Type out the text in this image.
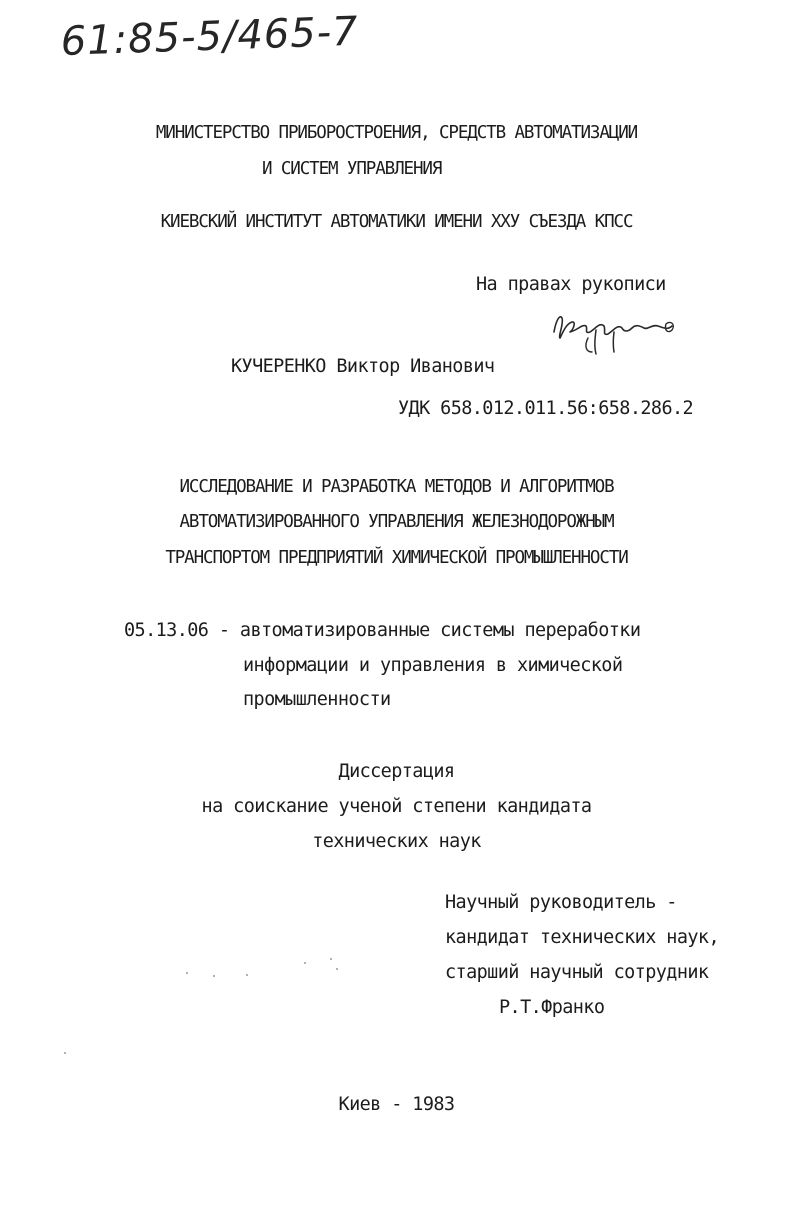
61:85-5/465-7
МИНИСТЕРСТВО ПРИБОРОСТРОЕНИЯ, СРЕДСТВ АВТОМАТИЗАЦИИ
И СИСТЕМ УПРАВЛЕНИЯ
КИЕВСКИЙ ИНСТИТУТ АВТОМАТИКИ ИМЕНИ XXУ СЪЕЗДА КПСС
На правах рукописи
КУЧЕРЕНКО Виктор Иванович
УДК 658.012.011.56:658.286.2
ИССЛЕДОВАНИЕ И РАЗРАБОТКА МЕТОДОВ И АЛГОРИТМОВ
АВТОМАТИЗИРОВАННОГО УПРАВЛЕНИЯ ЖЕЛЕЗНОДОРОЖНЫМ
ТРАНСПОРТОМ ПРЕДПРИЯТИЙ ХИМИЧЕСКОЙ ПРОМЫШЛЕННОСТИ
05.13.06 - автоматизированные системы переработки
информации и управления в химической
промышленности
Диссертация
на соискание ученой степени кандидата
технических наук
Научный руководитель -
кандидат технических наук,
старший научный сотрудник
Р.Т.Франко
Киев - 1983
